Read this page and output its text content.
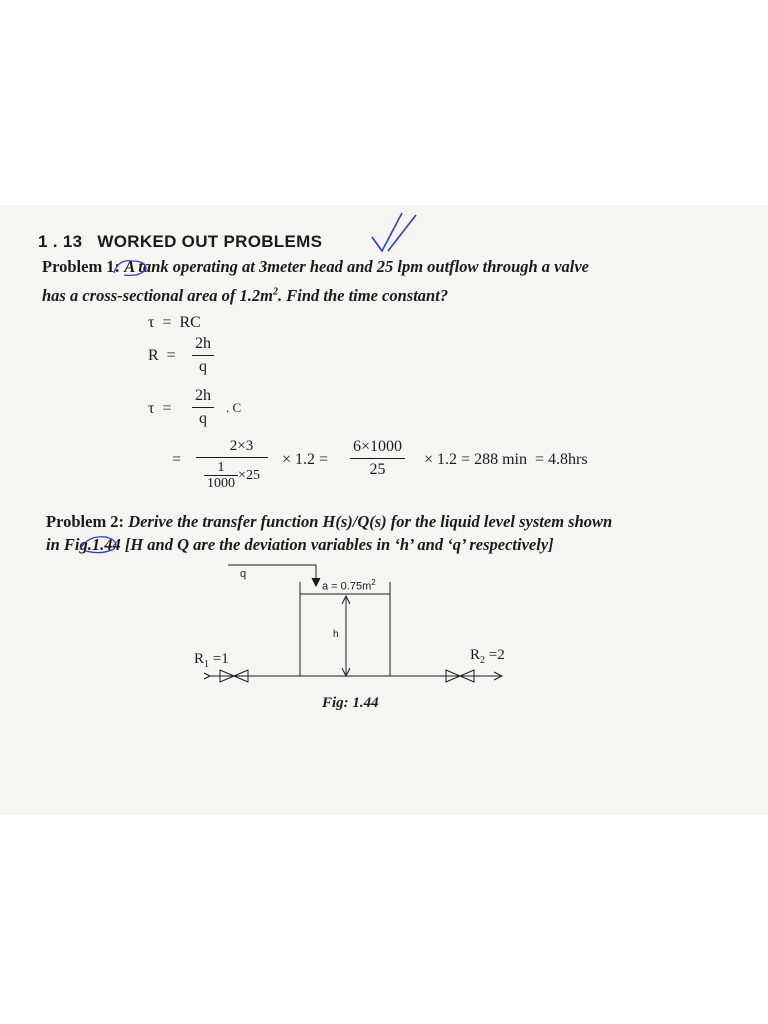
1 . 13 WORKED OUT PROBLEMS
Problem 1: A tank operating at 3meter head and 25 lpm outflow through a valve
has a cross-sectional area of $1.2m^2$. Find the time constant?
τ = RC
R =
2h
q
τ =
2h
q
. C
=
2×3
$\frac{1}{1000} \times 25$
× 1.2 =
6×1000
25
× 1.2 = 288 min = 4.8hrs
Problem 2: Derive the transfer function H(s)/Q(s) for the liquid level system shown
in Fig.1.44 [H and Q are the deviation variables in ‘h’ and ‘q’ respectively]
q
$a = 0.75m^2$
h
$R_1 =1$	$R_2 =2$
Fig: 1.44
